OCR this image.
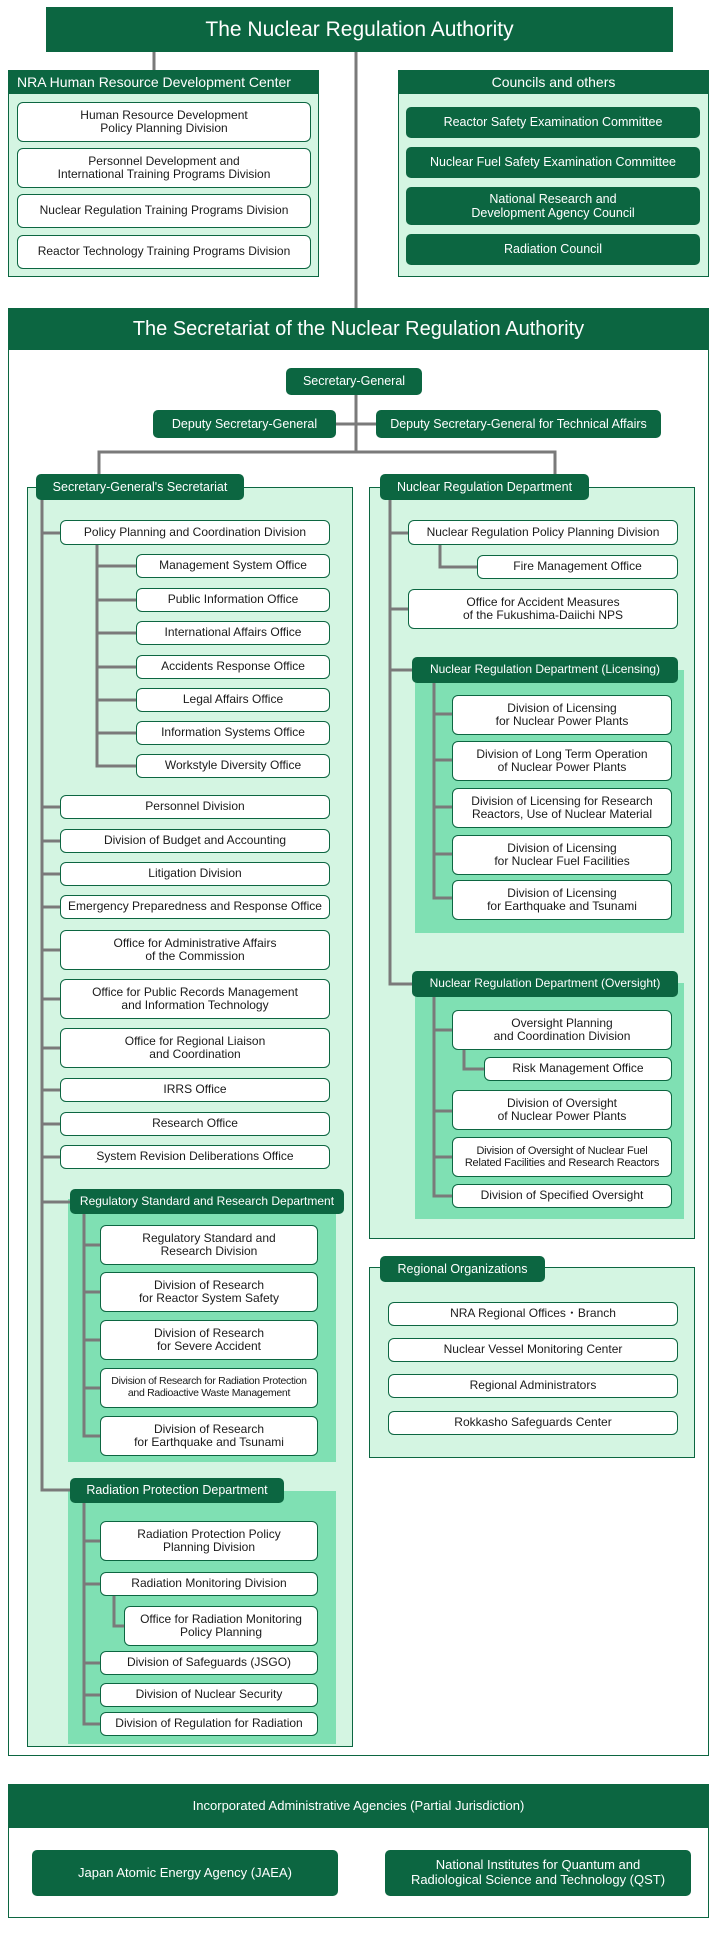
The Nuclear Regulation Authority
NRA Human Resource Development Center
Human Resource Development
Policy Planning Division
Personnel Development and
International Training Programs Division
Nuclear Regulation Training Programs Division
Reactor Technology Training Programs Division
Councils and others
Reactor Safety Examination Committee
Nuclear Fuel Safety Examination Committee
National Research and
Development Agency Council
Radiation Council
The Secretariat of the Nuclear Regulation Authority
Secretary-General
Deputy Secretary-General	Deputy Secretary-General for Technical Affairs
Secretary-General's Secretariat
Policy Planning and Coordination Division
Management System Office
Public Information Office
International Affairs Office
Accidents Response Office
Legal Affairs Office
Information Systems Office
Workstyle Diversity Office
Personnel Division
Division of Budget and Accounting
Litigation Division
Emergency Preparedness and Response Office
Office for Administrative Affairs
of the Commission
Office for Public Records Management
and Information Technology
Office for Regional Liaison
and Coordination
IRRS Office
Research Office
System Revision Deliberations Office
Regulatory Standard and Research Department
Regulatory Standard and
Research Division
Division of Research
for Reactor System Safety
Division of Research
for Severe Accident
Division of Research for Radiation Protection
and Radioactive Waste Management
Division of Research
for Earthquake and Tsunami
Radiation Protection Department
Radiation Protection Policy
Planning Division
Radiation Monitoring Division
Office for Radiation Monitoring
Policy Planning
Division of Safeguards (JSGO)
Division of Nuclear Security
Division of Regulation for Radiation
Nuclear Regulation Department
Nuclear Regulation Policy Planning Division
Fire Management Office
Office for Accident Measures
of the Fukushima-Daiichi NPS
Nuclear Regulation Department (Licensing)
Division of Licensing
for Nuclear Power Plants
Division of Long Term Operation
of Nuclear Power Plants
Division of Licensing for Research
Reactors, Use of Nuclear Material
Division of Licensing
for Nuclear Fuel Facilities
Division of Licensing
for Earthquake and Tsunami
Nuclear Regulation Department (Oversight)
Oversight Planning
and Coordination Division
Risk Management Office
Division of Oversight
of Nuclear Power Plants
Division of Oversight of Nuclear Fuel
Related Facilities and Research Reactors
Division of Specified Oversight
Regional Organizations
NRA Regional Offices・Branch
Nuclear Vessel Monitoring Center
Regional Administrators
Rokkasho Safeguards Center
Incorporated Administrative Agencies (Partial Jurisdiction)
Japan Atomic Energy Agency (JAEA)	National Institutes for Quantum and
Radiological Science and Technology (QST)
